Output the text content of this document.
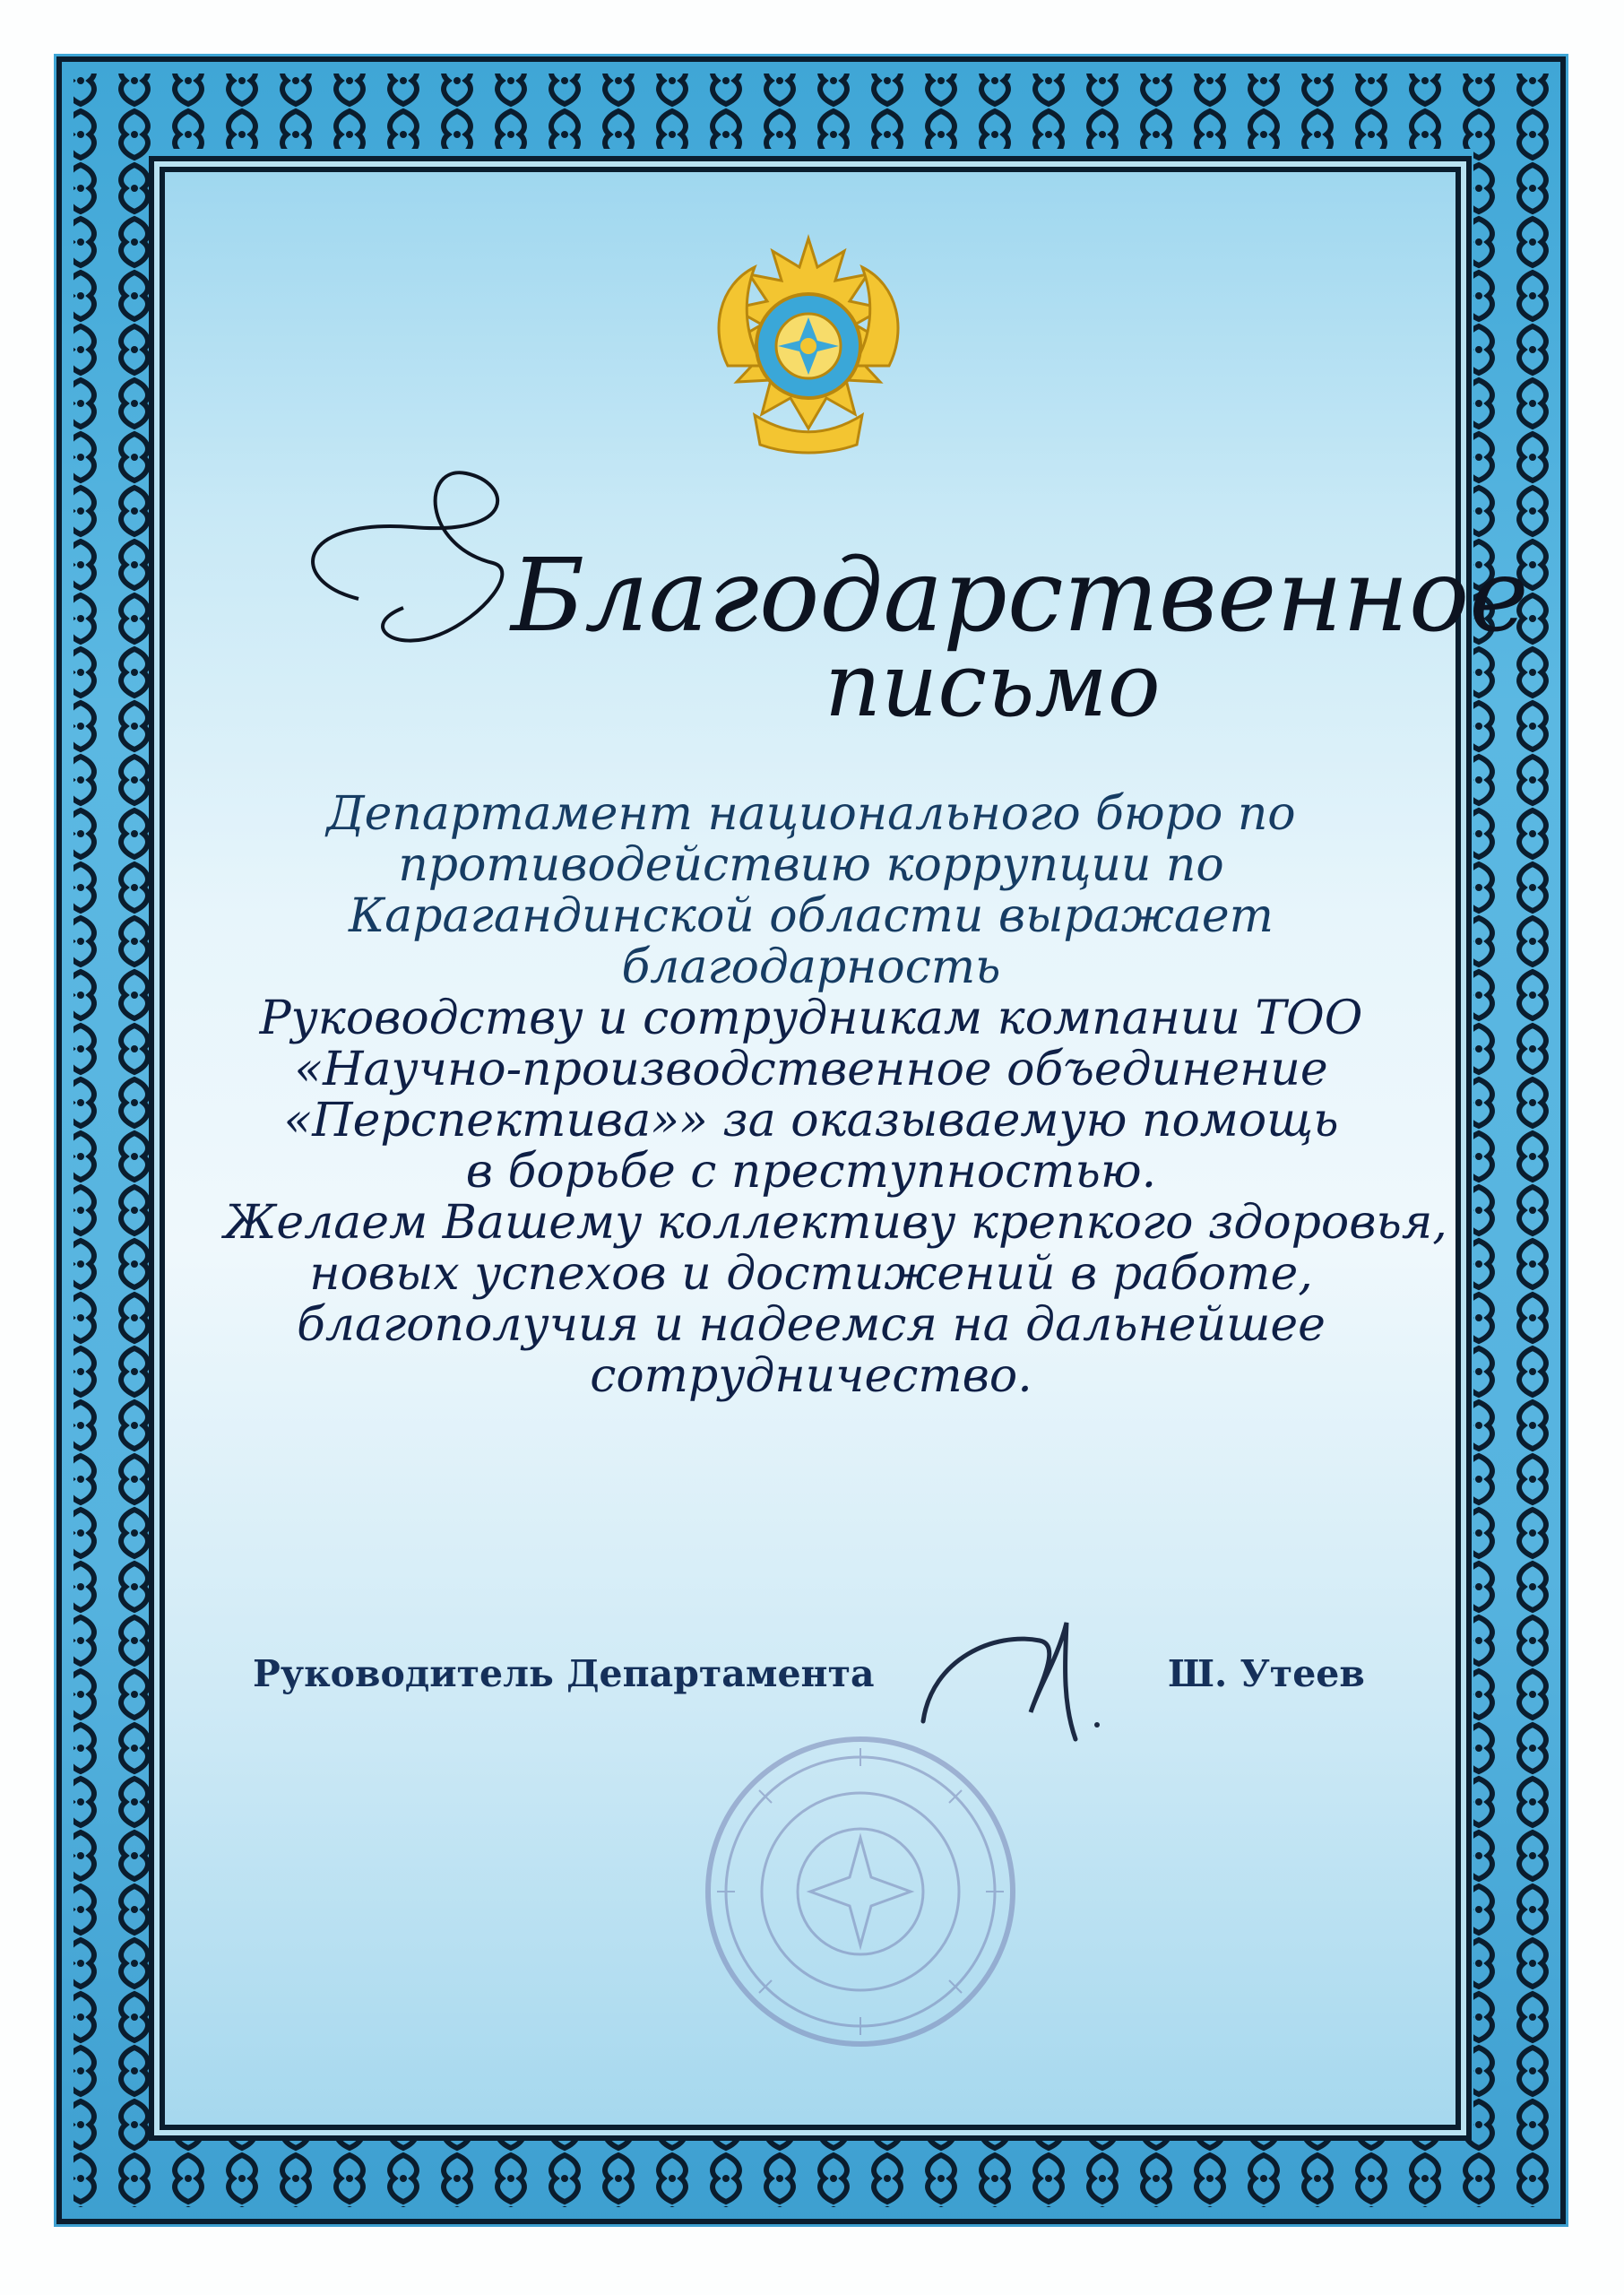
Благодарственное
письмо
Департамент национального бюро по
противодействию коррупции по
Карагандинской области выражает
благодарность
Руководству и сотрудникам компании ТОО
«Научно-производственное объединение
«Перспектива»» за оказываемую помощь
в борьбе с преступностью.
Желаем Вашему коллективу крепкого здоровья,
новых успехов и достижений в работе,
благополучия и надеемся на дальнейшее
сотрудничество.
Руководитель Департамента	Ш. Утеев
